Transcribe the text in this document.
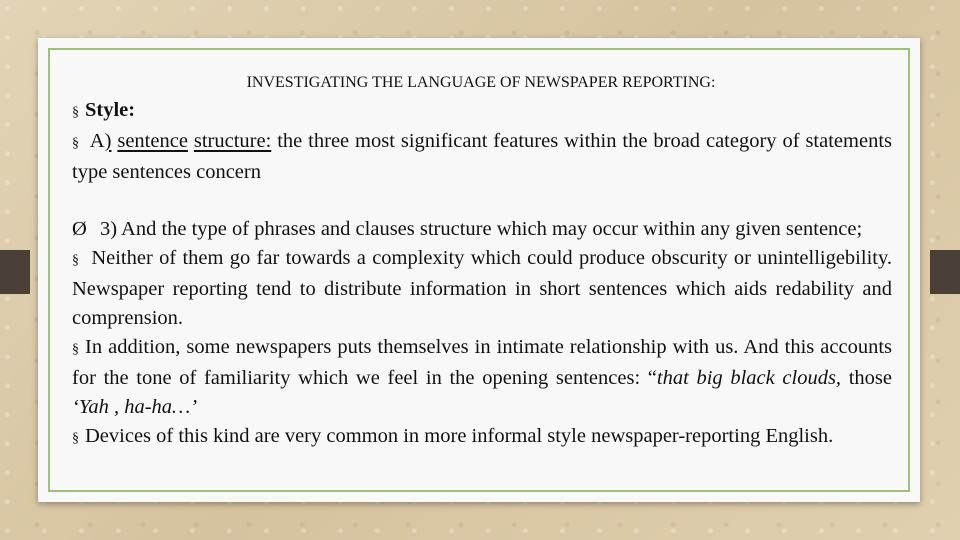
INVESTIGATING THE LANGUAGE OF NEWSPAPER REPORTING:

§ Style:

§ A) sentence structure: the three most significant features within the broad category of statements type sentences concern

Ø 3) And the type of phrases and clauses structure which may occur within any given sentence;

§ Neither of them go far towards a complexity which could produce obscurity or unintelligebility. Newspaper reporting tend to distribute information in short sentences which aids redability and comprension.

§ In addition, some newspapers puts themselves in intimate relationship with us. And this accounts for the tone of familiarity which we feel in the opening sentences: “that big black clouds, those ‘Yah , ha-ha…’

§ Devices of this kind are very common in more informal style newspaper-reporting English.
